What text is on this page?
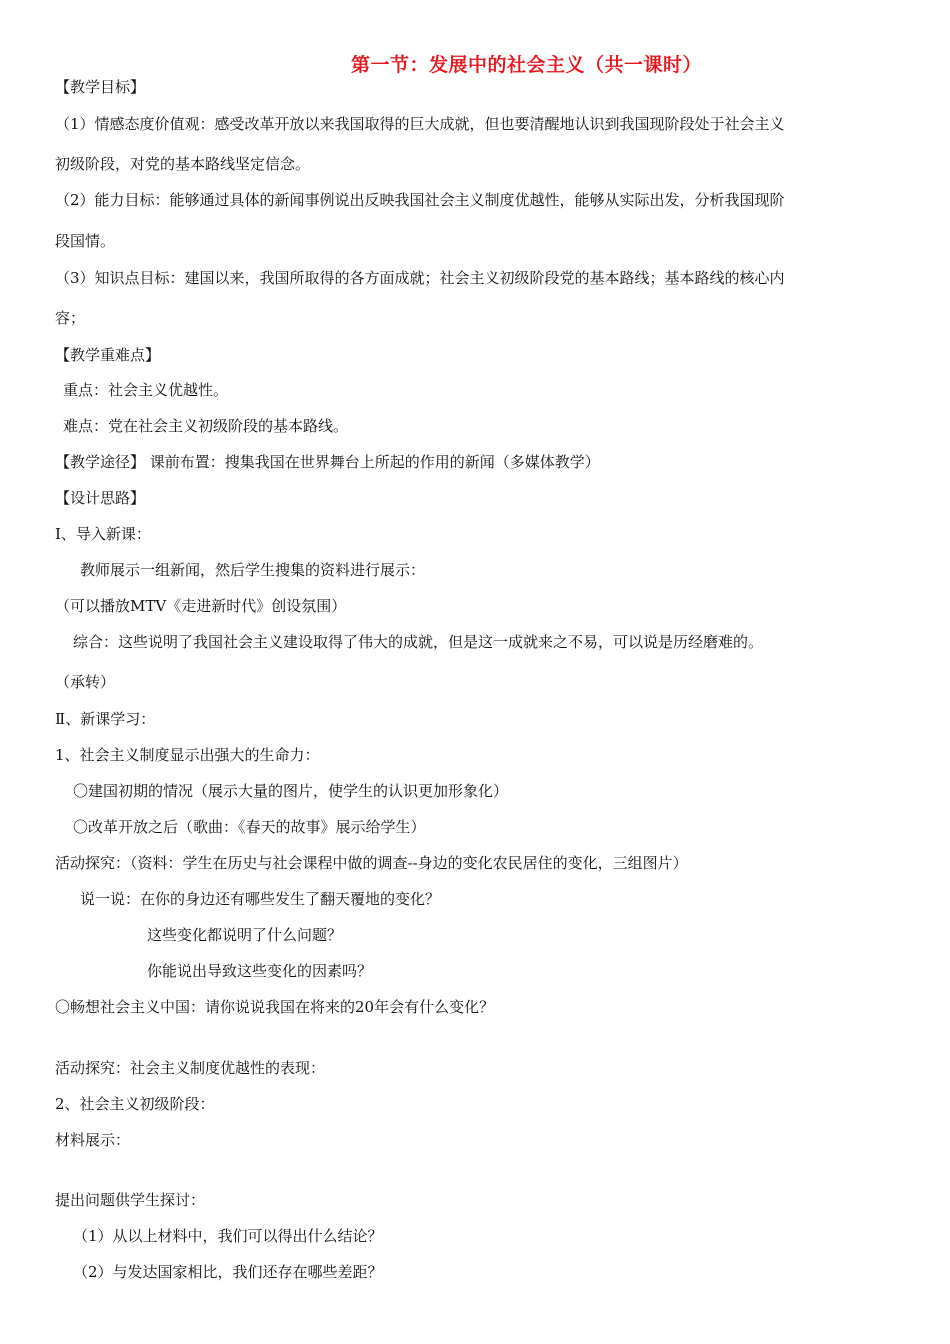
第一节：发展中的社会主义（共一课时）
【教学目标】
（1）情感态度价值观：感受改革开放以来我国取得的巨大成就，但也要清醒地认识到我国现阶段处于社会主义
初级阶段，对党的基本路线坚定信念。
（2）能力目标：能够通过具体的新闻事例说出反映我国社会主义制度优越性，能够从实际出发，分析我国现阶
段国情。
（3）知识点目标：建国以来，我国所取得的各方面成就；社会主义初级阶段党的基本路线；基本路线的核心内
容；
【教学重难点】
重点：社会主义优越性。
难点：党在社会主义初级阶段的基本路线。
【教学途径】 课前布置：搜集我国在世界舞台上所起的作用的新闻（多媒体教学）
【设计思路】
Ⅰ、导入新课：
教师展示一组新闻，然后学生搜集的资料进行展示：
（可以播放MTV《走进新时代》创设氛围）
综合：这些说明了我国社会主义建设取得了伟大的成就，但是这一成就来之不易，可以说是历经磨难的。
（承转）
Ⅱ、新课学习：
1、社会主义制度显示出强大的生命力：
〇建国初期的情况（展示大量的图片，使学生的认识更加形象化）
〇改革开放之后（歌曲：《春天的故事》展示给学生）
活动探究：（资料：学生在历史与社会课程中做的调查--身边的变化农民居住的变化，三组图片）
说一说：在你的身边还有哪些发生了翻天覆地的变化？
这些变化都说明了什么问题？
你能说出导致这些变化的因素吗？
〇畅想社会主义中国：请你说说我国在将来的20年会有什么变化？
活动探究：社会主义制度优越性的表现：
2、社会主义初级阶段：
材料展示：
提出问题供学生探讨：
（1）从以上材料中，我们可以得出什么结论？
（2）与发达国家相比，我们还存在哪些差距？
